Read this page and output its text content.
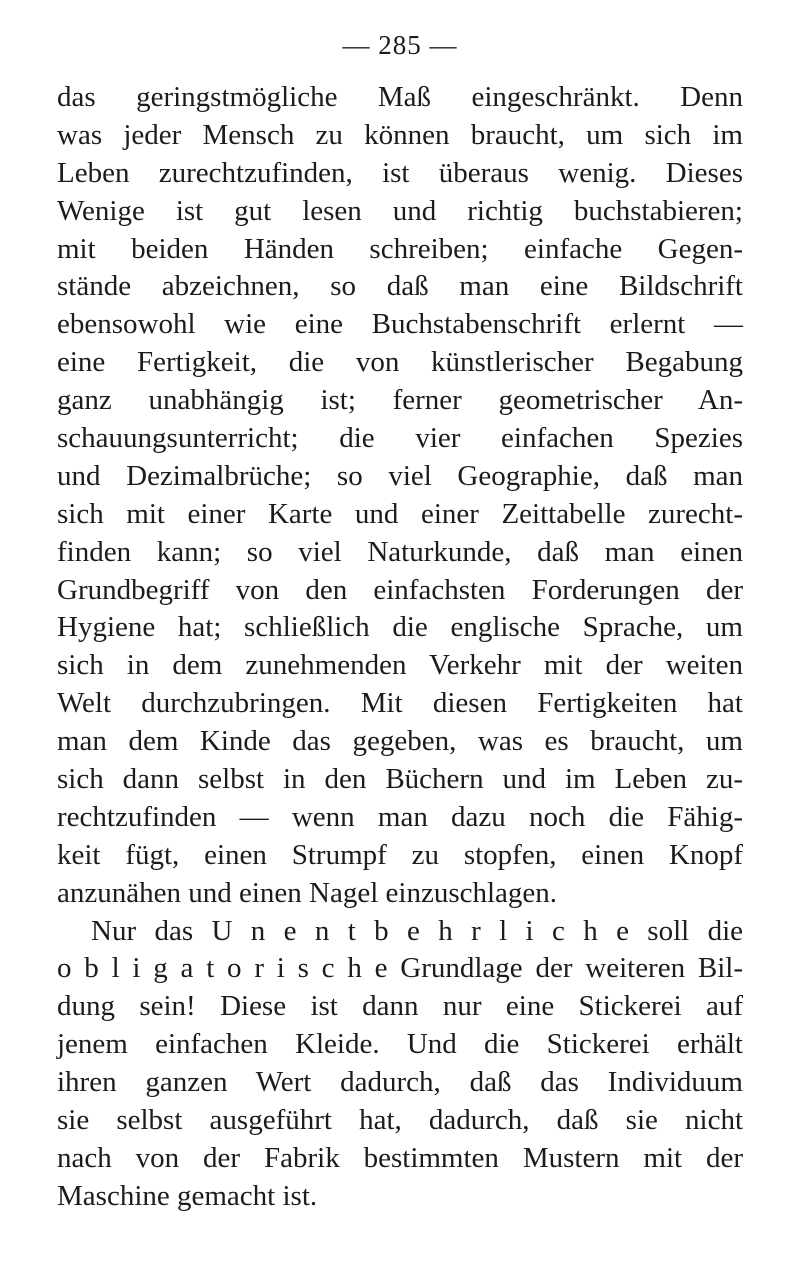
— 285 —
das geringstmögliche Maß eingeschränkt. Denn
was jeder Mensch zu können braucht, um sich im
Leben zurechtzufinden, ist überaus wenig. Dieses
Wenige ist gut lesen und richtig buchstabieren;
mit beiden Händen schreiben; einfache Gegen-
stände abzeichnen, so daß man eine Bildschrift
ebensowohl wie eine Buchstabenschrift erlernt —
eine Fertigkeit, die von künstlerischer Begabung
ganz unabhängig ist; ferner geometrischer An-
schauungsunterricht; die vier einfachen Spezies
und Dezimalbrüche; so viel Geographie, daß man
sich mit einer Karte und einer Zeittabelle zurecht-
finden kann; so viel Naturkunde, daß man einen
Grundbegriff von den einfachsten Forderungen der
Hygiene hat; schließlich die englische Sprache, um
sich in dem zunehmenden Verkehr mit der weiten
Welt durchzubringen. Mit diesen Fertigkeiten hat
man dem Kinde das gegeben, was es braucht, um
sich dann selbst in den Büchern und im Leben zu-
rechtzufinden — wenn man dazu noch die Fähig-
keit fügt, einen Strumpf zu stopfen, einen Knopf
anzunähen und einen Nagel einzuschlagen.
Nur das U n e n t b e h r l i c h e soll die
o b l i g a t o r i s c h e Grundlage der weiteren Bil-
dung sein! Diese ist dann nur eine Stickerei auf
jenem einfachen Kleide. Und die Stickerei erhält
ihren ganzen Wert dadurch, daß das Individuum
sie selbst ausgeführt hat, dadurch, daß sie nicht
nach von der Fabrik bestimmten Mustern mit der
Maschine gemacht ist.
